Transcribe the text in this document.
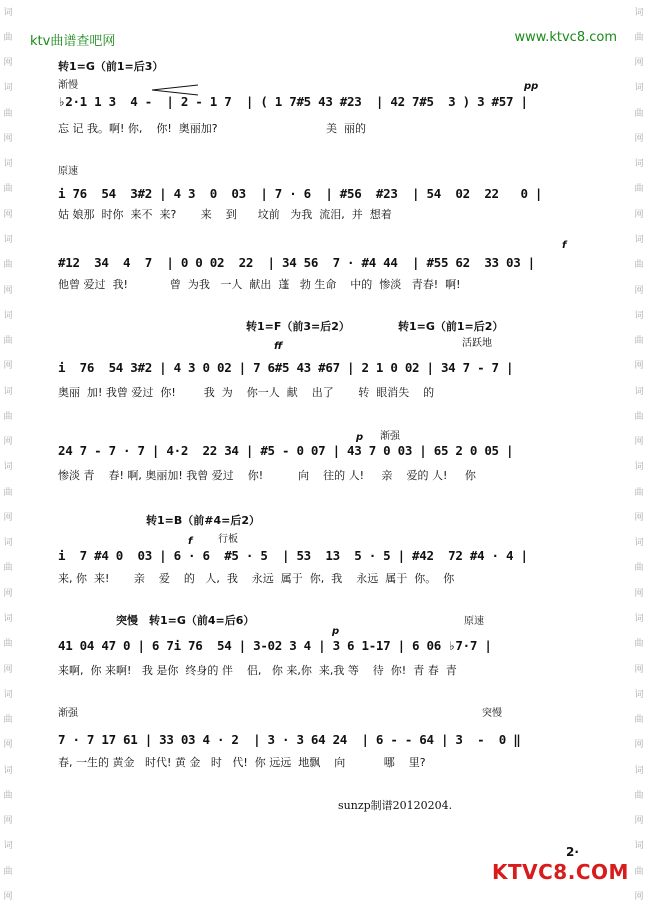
词
曲
网
词
曲
网
词
曲
网
词
曲
网
词
曲
网
词
曲
网
词
曲
网
词
曲
网
词
曲
网
词
曲
网
词
曲
网
词
曲
网
词
曲
网
词
曲
网
词
曲
网
词
曲
网
词
曲
网
词
曲
网
词
曲
网
词
曲
网
词
曲
网
词
曲
网
词
曲
网
词
曲
网
ktv曲谱查吧网	www.ktvc8.com
转1=G（前1=后3）
转1=F（前3=后2）	转1=G（前1=后2）
转1=B（前#4=后2）
突慢　转1=G（前4=后6）
渐慢	pp
原速
f
活跃地
ff
渐强
p
行板
f
p
原速
渐强	突慢
♭2·1 1 3  4 -  | 2 - 1 7  | ( 1 7#5 43 #23  | 42 7#5  3 ) 3 #57 |
忘 记 我。啊! 你,    你!  奥丽加?                               美  丽的
i 76  54  3#2 | 4 3  0  03  | 7 · 6  | #56  #23  | 54  02  22   0 |
姑 娘那  时你  来不  来?       来    到      坟前   为我  流泪,  并  想着
#12  34  4  7  | 0 0 02  22  | 34 56  7 · #4 44  | #55 62  33 03 |
他曾 爱过  我!            曾  为我   一人  献出  蓬   勃 生命    中的  惨淡   青春!  啊!
i  76  54 3#2 | 4 3 0 02 | 7 6#5 43 #67 | 2 1 0 02 | 34 7 - 7 |
奥丽  加! 我曾 爱过  你!        我  为    你一人  献    出了       转  眼消失    的
24 7 - 7 · 7 | 4·2  22 34 | #5 - 0 07 | 43 7 0 03 | 65 2 0 05 |
惨淡 青    春! 啊, 奥丽加! 我曾 爱过    你!          向    往的 人!     亲    爱的 人!     你
i  7 #4 0  03 | 6 · 6  #5 · 5  | 53  13  5 · 5 | #42  72 #4 · 4 |
来, 你  来!       亲    爱    的   人,  我    永远  属于  你,  我    永远  属于  你。  你
41 04 47 0 | 6 7i 76  54 | 3-02 3 4 | 3 6 1-17 | 6 06 ♭7·7 |
来啊,  你 来啊!   我 是你  终身的 伴    侣,   你 来,你  来,我 等    待  你!  青 春  青
7 · 7 17 61 | 33 03 4 · 2  | 3 · 3 64 24  | 6 - - 64 | 3  -  0 ‖
春, 一生的 黄金   时代! 黄 金   时   代!  你 远远  地飘    向           哪    里?
sunzp制谱20120204.
2·
KTVC8.COM
